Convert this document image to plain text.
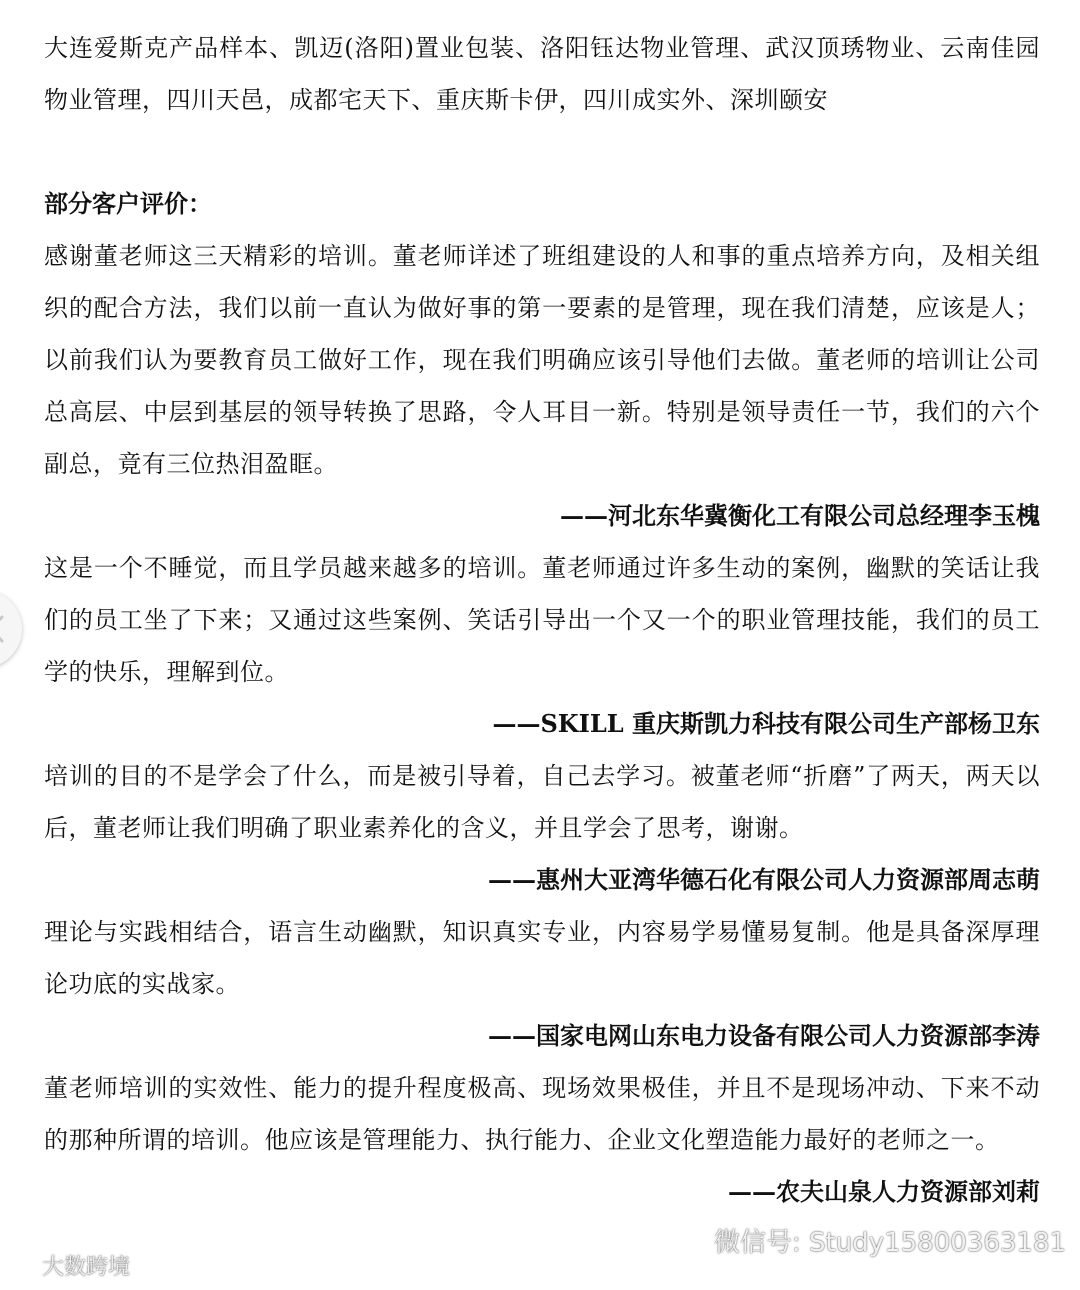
大连爱斯克产品样本、凯迈(洛阳)置业包装、洛阳钰达物业管理、武汉顶琇物业、云南佳园物业管理，四川天邑，成都宅天下、重庆斯卡伊，四川成实外、深圳颐安

部分客户评价：

感谢董老师这三天精彩的培训。董老师详述了班组建设的人和事的重点培养方向，及相关组织的配合方法，我们以前一直认为做好事的第一要素的是管理，现在我们清楚，应该是人；以前我们认为要教育员工做好工作，现在我们明确应该引导他们去做。董老师的培训让公司总高层、中层到基层的领导转换了思路，令人耳目一新。特别是领导责任一节，我们的六个副总，竟有三位热泪盈眶。

——河北东华冀衡化工有限公司总经理李玉槐

这是一个不睡觉，而且学员越来越多的培训。董老师通过许多生动的案例，幽默的笑话让我们的员工坐了下来；又通过这些案例、笑话引导出一个又一个的职业管理技能，我们的员工学的快乐，理解到位。

——SKILL 重庆斯凯力科技有限公司生产部杨卫东

培训的目的不是学会了什么，而是被引导着，自己去学习。被董老师“折磨”了两天，两天以后，董老师让我们明确了职业素养化的含义，并且学会了思考，谢谢。

——惠州大亚湾华德石化有限公司人力资源部周志萌

理论与实践相结合，语言生动幽默，知识真实专业，内容易学易懂易复制。他是具备深厚理论功底的实战家。

——国家电网山东电力设备有限公司人力资源部李涛

董老师培训的实效性、能力的提升程度极高、现场效果极佳，并且不是现场冲动、下来不动的那种所谓的培训。他应该是管理能力、执行能力、企业文化塑造能力最好的老师之一。

——农夫山泉人力资源部刘莉

大数跨境
微信号: Study15800363181
